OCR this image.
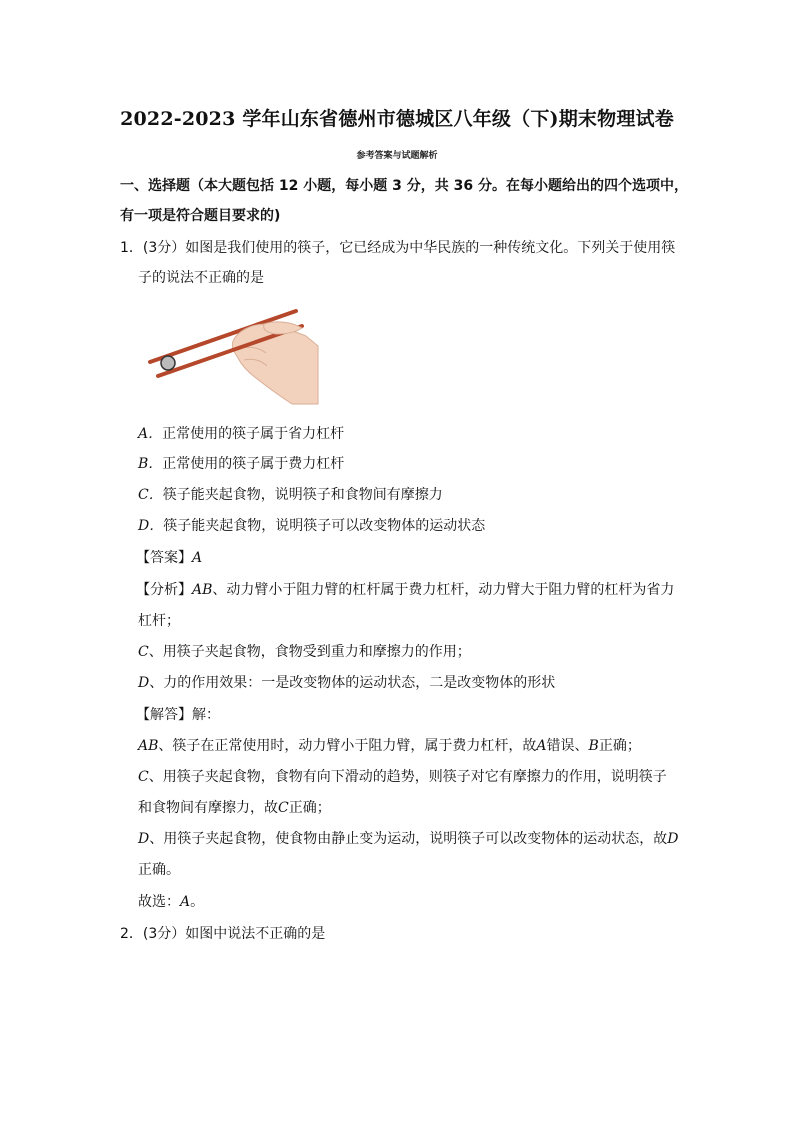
2022-2023 学年山东省德州市德城区八年级（下)期末物理试卷
参考答案与试题解析
一、选择题（本大题包括 12 小题，每小题 3 分，共 36 分。在每小题给出的四个选项中，
有一项是符合题目要求的)
1．(3分）如图是我们使用的筷子，它已经成为中华民族的一种传统文化。下列关于使用筷
子的说法不正确的是
A．正常使用的筷子属于省力杠杆
B．正常使用的筷子属于费力杠杆
C．筷子能夹起食物，说明筷子和食物间有摩擦力
D．筷子能夹起食物，说明筷子可以改变物体的运动状态
【答案】A
【分析】AB、动力臂小于阻力臂的杠杆属于费力杠杆，动力臂大于阻力臂的杠杆为省力
杠杆；
C、用筷子夹起食物，食物受到重力和摩擦力的作用；
D、力的作用效果：一是改变物体的运动状态，二是改变物体的形状
【解答】解：
AB、筷子在正常使用时，动力臂小于阻力臂，属于费力杠杆，故A错误、B正确；
C、用筷子夹起食物，食物有向下滑动的趋势，则筷子对它有摩擦力的作用，说明筷子
和食物间有摩擦力，故C正确；
D、用筷子夹起食物，使食物由静止变为运动，说明筷子可以改变物体的运动状态，故D
正确。
故选：A。
2．(3分）如图中说法不正确的是
